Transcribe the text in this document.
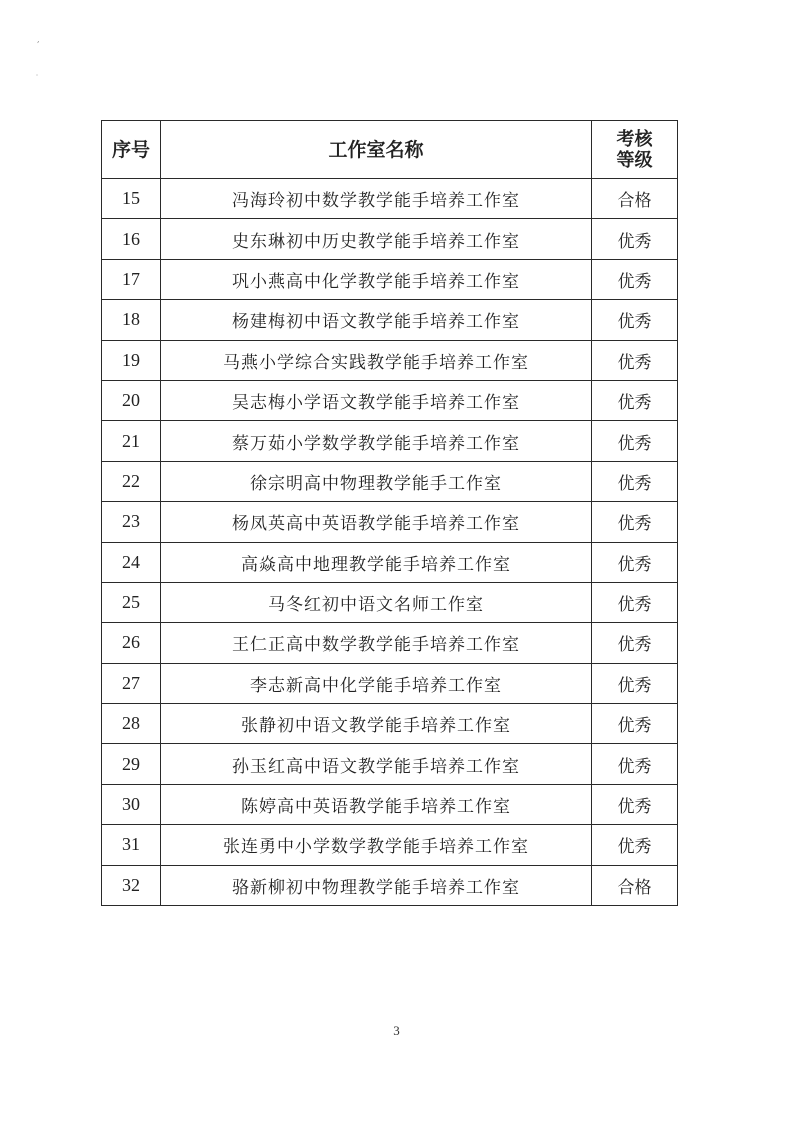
,
˙
序号	工作室名称	考核
等级

15	冯海玲初中数学教学能手培养工作室	合格
16	史东琳初中历史教学能手培养工作室	优秀
17	巩小燕高中化学教学能手培养工作室	优秀
18	杨建梅初中语文教学能手培养工作室	优秀
19	马燕小学综合实践教学能手培养工作室	优秀
20	吴志梅小学语文教学能手培养工作室	优秀
21	蔡万茹小学数学教学能手培养工作室	优秀
22	徐宗明高中物理教学能手工作室	优秀
23	杨凤英高中英语教学能手培养工作室	优秀
24	高焱高中地理教学能手培养工作室	优秀
25	马冬红初中语文名师工作室	优秀
26	王仁正高中数学教学能手培养工作室	优秀
27	李志新高中化学能手培养工作室	优秀
28	张静初中语文教学能手培养工作室	优秀
29	孙玉红高中语文教学能手培养工作室	优秀
30	陈婷高中英语教学能手培养工作室	优秀
31	张连勇中小学数学教学能手培养工作室	优秀
32	骆新柳初中物理教学能手培养工作室	合格
3
